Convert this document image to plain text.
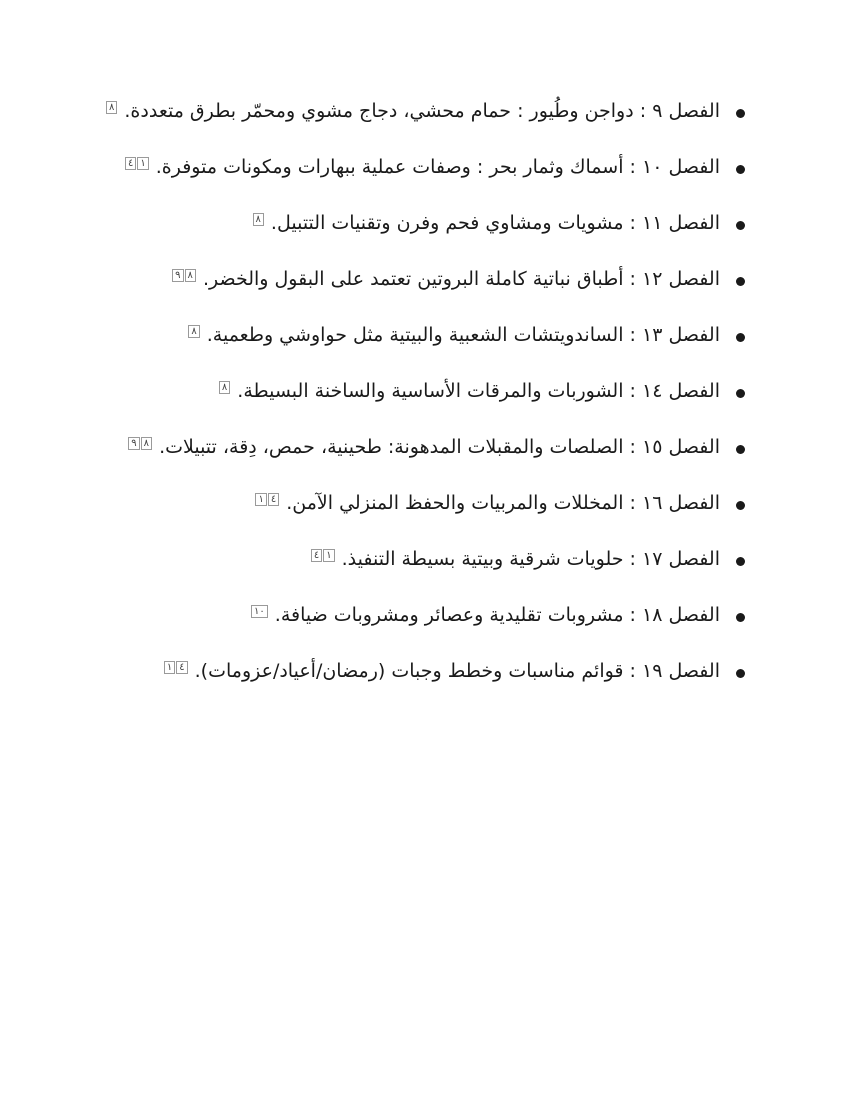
الفصل ٩ : دواجن وطُيور : حمام محشي، دجاج مشوي ومحمّر بطرق متعددة. $^٨$
الفصل ١٠ : أسماك وثمار بحر : وصفات عملية ببهارات ومكونات متوفرة. $^٤$ $^١$
الفصل ١١ : مشويات ومشاوي فحم وفرن وتقنيات التتبيل. $^٨$
الفصل ١٢ : أطباق نباتية كاملة البروتين تعتمد على البقول والخضر. $^٩$ $^٨$
الفصل ١٣ : الساندويتشات الشعبية والبيتية مثل حواوشي وطعمية. $^٨$
الفصل ١٤ : الشوربات والمرقات الأساسية والساخنة البسيطة. $^٨$
الفصل ١٥ : الصلصات والمقبلات المدهونة: طحينية، حمص، دِقة، تتبيلات. $^٩$ $^٨$
الفصل ١٦ : المخللات والمربيات والحفظ المنزلي الآمن. $^١$ $^٤$
الفصل ١٧ : حلويات شرقية وبيتية بسيطة التنفيذ. $^٤$ $^١$
الفصل ١٨ : مشروبات تقليدية وعصائر ومشروبات ضيافة. $^{١٠}$
الفصل ١٩ : قوائم مناسبات وخطط وجبات (رمضان/أعياد/عزومات). $^١$ $^٤$
